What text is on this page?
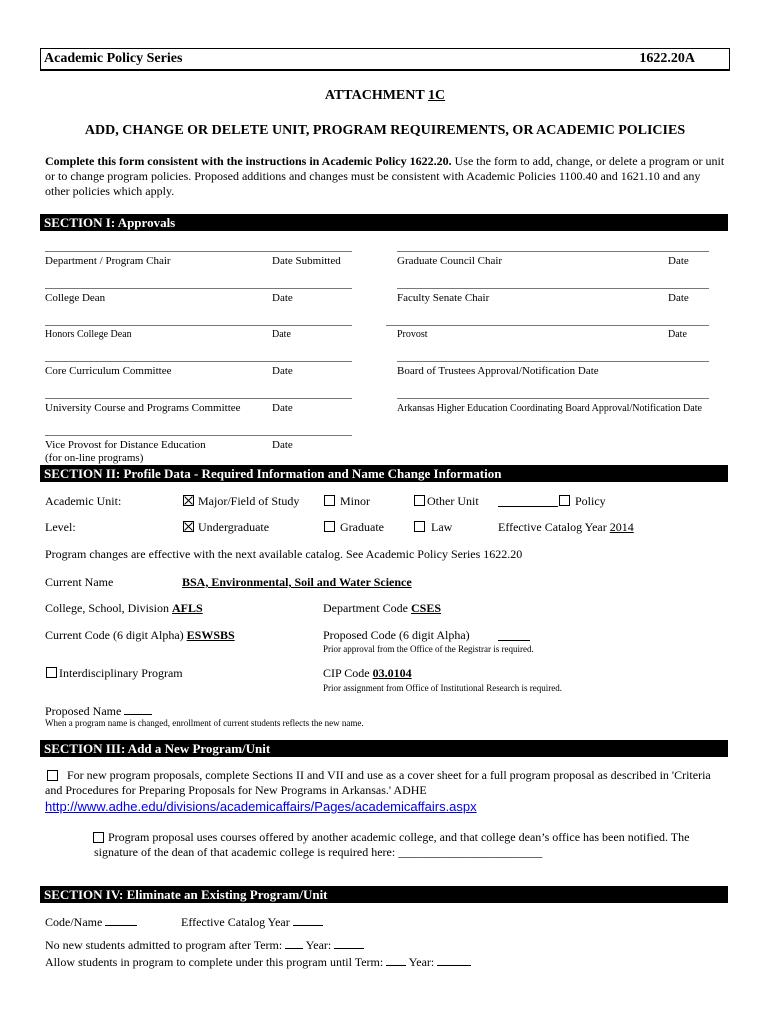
Academic Policy Series	1622.20A
ATTACHMENT 1C
ADD, CHANGE OR DELETE UNIT, PROGRAM REQUIREMENTS, OR ACADEMIC POLICIES

Complete this form consistent with the instructions in Academic Policy 1622.20. Use the form to add, change, or delete a program or unit or to change program policies. Proposed additions and changes must be consistent with Academic Policies 1100.40 and 1621.10 and any other policies which apply.

SECTION I: Approvals
Department / Program Chair	Date Submitted
College Dean	Date
Honors College Dean	Date
Core Curriculum Committee	Date
University Course and Programs Committee	Date
Vice Provost for Distance Education
(for on-line programs)
Date
Graduate Council Chair	Date
Faculty Senate Chair	Date
Provost	Date
Board of Trustees Approval/Notification Date
Arkansas Higher Education Coordinating Board Approval/Notification Date
SECTION II: Profile Data - Required Information and Name Change Information
Academic Unit:	Major/Field of Study	Minor	Other Unit	Policy
Level:	Undergraduate	Graduate	Law	Effective Catalog Year 2014
Program changes are effective with the next available catalog. See Academic Policy Series 1622.20
Current Name	BSA, Environmental, Soil and Water Science
College, School, Division AFLS	Department Code CSES
Current Code (6 digit Alpha) ESWSBS	Proposed Code (6 digit Alpha)
Prior approval from the Office of the Registrar is required.
Interdisciplinary Program	CIP Code 03.0104
Prior assignment from Office of Institutional Research is required.
Proposed Name
When a program name is changed, enrollment of current students reflects the new name.
SECTION III: Add a New Program/Unit

For new program proposals, complete Sections II and VII and use as a cover sheet for a full program proposal as described in 'Criteria and Procedures for Preparing Proposals for New Programs in Arkansas.' ADHE

http://www.adhe.edu/divisions/academicaffairs/Pages/academicaffairs.aspx

Program proposal uses courses offered by another academic college, and that college dean’s office has been notified. The signature of the dean of that academic college is required here: ________________________

SECTION IV: Eliminate an Existing Program/Unit
Code/Name	Effective Catalog Year
No new students admitted to program after Term:  Year:
Allow students in program to complete under this program until Term:  Year:
